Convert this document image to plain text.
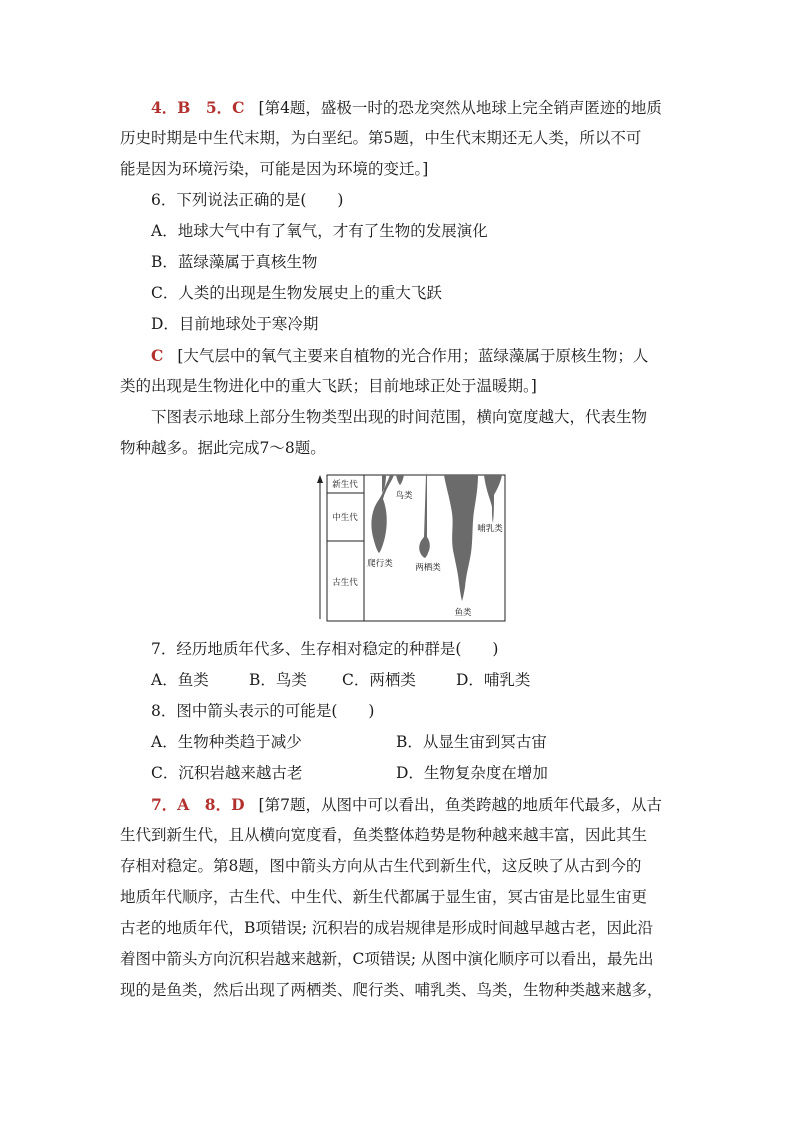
4．B　5．C [第4题，盛极一时的恐龙突然从地球上完全销声匿迹的地质
历史时期是中生代末期，为白垩纪。第5题，中生代末期还无人类，所以不可
能是因为环境污染，可能是因为环境的变迁。]
6．下列说法正确的是(　　)
A．地球大气中有了氧气，才有了生物的发展演化
B．蓝绿藻属于真核生物
C．人类的出现是生物发展史上的重大飞跃
D．目前地球处于寒冷期
C [大气层中的氧气主要来自植物的光合作用；蓝绿藻属于原核生物；人
类的出现是生物进化中的重大飞跃；目前地球正处于温暖期。]
下图表示地球上部分生物类型出现的时间范围，横向宽度越大，代表生物
物种越多。据此完成7～8题。
新生代
中生代
古生代
鸟类
哺乳类
爬行类	两栖类
鱼类
7．经历地质年代多、生存相对稳定的种群是(　　)
A．鱼类	B．鸟类 C．两栖类	D．哺乳类
8．图中箭头表示的可能是(　　)
A．生物种类趋于减少	B．从显生宙到冥古宙
C．沉积岩越来越古老	D．生物复杂度在增加
7．A　8．D [第7题，从图中可以看出，鱼类跨越的地质年代最多，从古
生代到新生代，且从横向宽度看，鱼类整体趋势是物种越来越丰富，因此其生
存相对稳定。第8题，图中箭头方向从古生代到新生代，这反映了从古到今的
地质年代顺序，古生代、中生代、新生代都属于显生宙，冥古宙是比显生宙更
古老的地质年代，B项错误; 沉积岩的成岩规律是形成时间越早越古老，因此沿
着图中箭头方向沉积岩越来越新，C项错误; 从图中演化顺序可以看出，最先出
现的是鱼类，然后出现了两栖类、爬行类、哺乳类、鸟类，生物种类越来越多，
